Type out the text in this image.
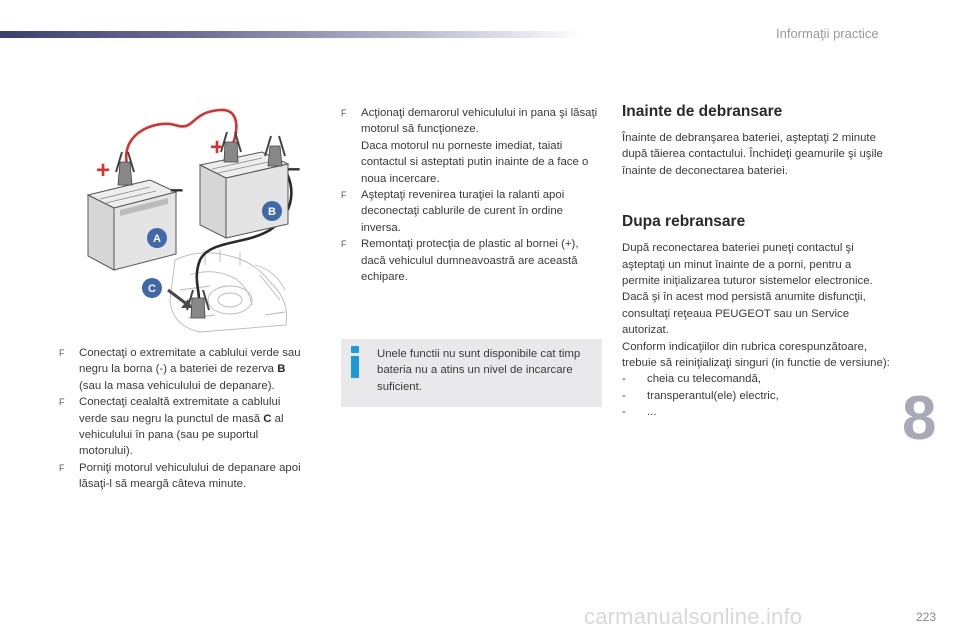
Informaţii practice
+
+
–
–
A
B
C
F Conectaţi o extremitate a cablului verde sau negru la borna (-) a bateriei de rezerva B (sau la masa vehiculului de depanare).
F Conectaţi cealaltă extremitate a cablului verde sau negru la punctul de masă C al vehiculului în pana (sau pe suportul motorului).
F Porniţi motorul vehiculului de depanare apoi lăsaţi-l să meargă câteva minute.
F Acţionaţi demarorul vehiculului in pana şi lăsaţi motorul să funcţioneze.
Daca motorul nu porneste imediat, taiati contactul si asteptati putin inainte de a face o noua incercare.
F Aşteptaţi revenirea turaţiei la ralanti apoi deconectaţi cablurile de curent în ordine inversa.
F Remontaţi protecţia de plastic al bornei (+), dacă vehiculul dumneavoastră are această echipare.
Unele functii nu sunt disponibile cat timp bateria nu a atins un nivel de incarcare suficient.
Inainte de debransare

Înainte de debranşarea bateriei, aşteptaţi 2 minute după tăierea contactului. Închideţi geamurile şi uşile înainte de deconectarea bateriei.

Dupa rebransare

După reconectarea bateriei puneţi contactul şi aşteptaţi un minut înainte de a porni, pentru a permite iniţializarea tuturor sistemelor electronice. Dacă şi în acest mod persistă anumite disfuncţii, consultaţi reţeaua PEUGEOT sau un Service autorizat.

Conform indicaţiilor din rubrica corespunzătoare, trebuie să reiniţializaţi singuri (in functie de versiune):

- cheia cu telecomandă,
- transperantul(ele) electric,
- ...	8
carmanualsonline.info	223
